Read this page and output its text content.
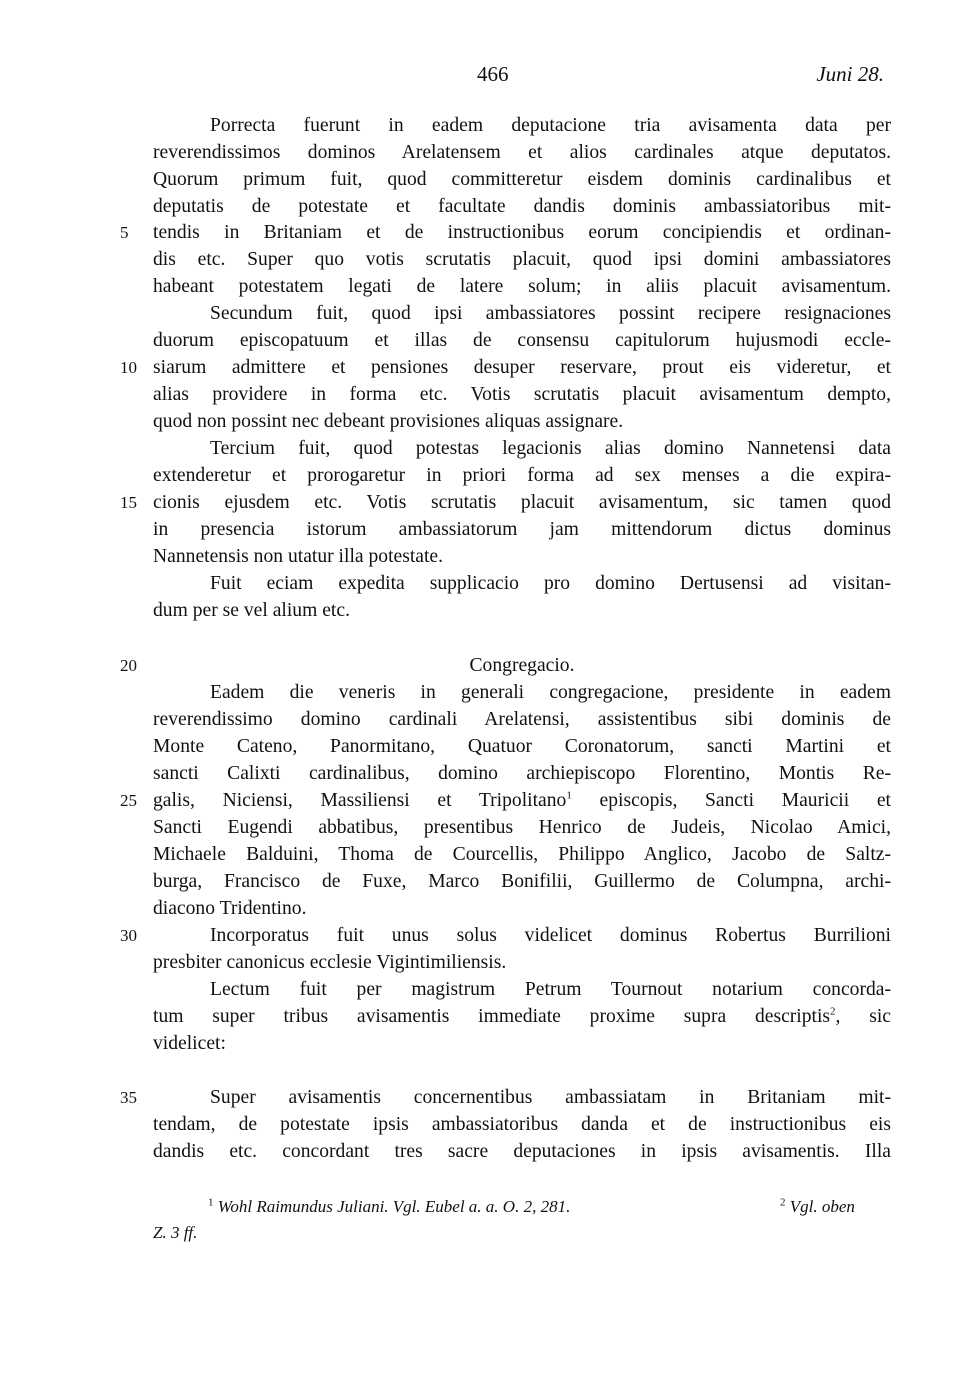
466	Juni 28.
Porrecta fuerunt in eadem deputacione tria avisamenta data per
reverendissimos dominos Arelatensem et alios cardinales atque deputatos.
Quorum primum fuit, quod committeretur eisdem dominis cardinalibus et
deputatis de potestate et facultate dandis dominis ambassiatoribus mit-
tendis in Britaniam et de instructionibus eorum concipiendis et ordinan-
5
dis etc. Super quo votis scrutatis placuit, quod ipsi domini ambassiatores
habeant potestatem legati de latere solum; in aliis placuit avisamentum.
Secundum fuit, quod ipsi ambassiatores possint recipere resignaciones
duorum episcopatuum et illas de consensu capitulorum hujusmodi eccle-
siarum admittere et pensiones desuper reservare, prout eis videretur, et
10
alias providere in forma etc. Votis scrutatis placuit avisamentum dempto,
quod non possint nec debeant provisiones aliquas assignare.
Tercium fuit, quod potestas legacionis alias domino Nannetensi data
extenderetur et prorogaretur in priori forma ad sex menses a die expira-
cionis ejusdem etc. Votis scrutatis placuit avisamentum, sic tamen quod
15
in presencia istorum ambassiatorum jam mittendorum dictus dominus
Nannetensis non utatur illa potestate.
Fuit eciam expedita supplicacio pro domino Dertusensi ad visitan-
dum per se vel alium etc.
Congregacio.
20
Eadem die veneris in generali congregacione, presidente in eadem
reverendissimo domino cardinali Arelatensi, assistentibus sibi dominis de
Monte Cateno, Panormitano, Quatuor Coronatorum, sancti Martini et
sancti Calixti cardinalibus, domino archiepiscopo Florentino, Montis Re-
galis, Niciensi, Massiliensi et Tripolitano$^1$ episcopis, Sancti Mauricii et
25
Sancti Eugendi abbatibus, presentibus Henrico de Judeis, Nicolao Amici,
Michaele Balduini, Thoma de Courcellis, Philippo Anglico, Jacobo de Saltz-
burga, Francisco de Fuxe, Marco Bonifilii, Guillermo de Columpna, archi-
diacono Tridentino.
Incorporatus fuit unus solus videlicet dominus Robertus Burrilioni
30
presbiter canonicus ecclesie Vigintimiliensis.
Lectum fuit per magistrum Petrum Tournout notarium concorda-
tum super tribus avisamentis immediate proxime supra descriptis$^2$, sic
videlicet:
Super avisamentis concernentibus ambassiatam in Britaniam mit-
35
tendam, de potestate ipsis ambassiatoribus danda et de instructionibus eis
dandis etc. concordant tres sacre deputaciones in ipsis avisamentis. Illa
$^1$ Wohl Raimundus Juliani. Vgl. Eubel a. a. O. 2, 281.	$^2$ Vgl. oben
Z. 3 ff.
